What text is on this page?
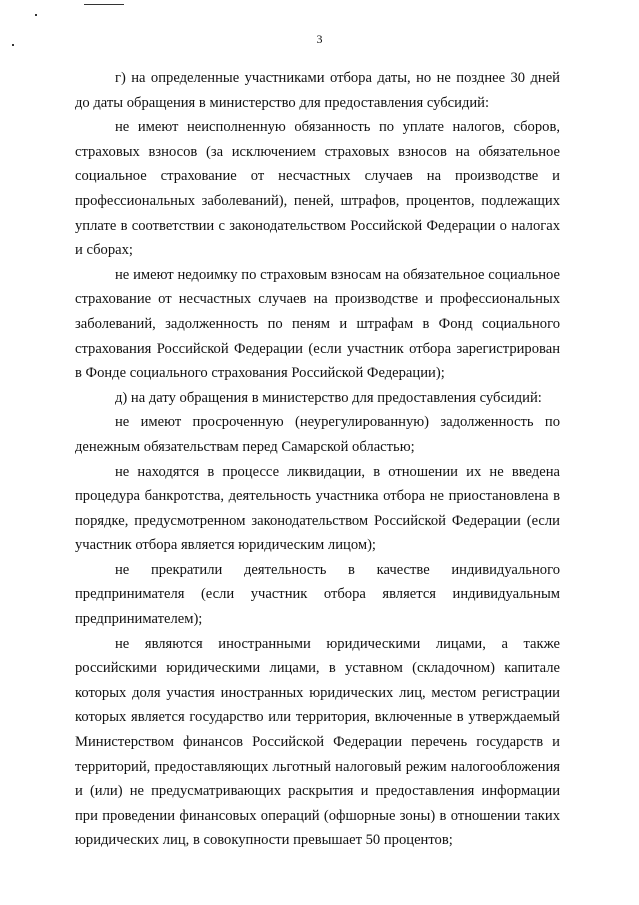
3

г) на определенные участниками отбора даты, но не позднее 30 дней до даты обращения в министерство для предоставления субсидий:

не имеют неисполненную обязанность по уплате налогов, сборов, страховых взносов (за исключением страховых взносов на обязательное социальное страхование от несчастных случаев на производстве и профессиональных заболеваний), пеней, штрафов, процентов, подлежащих уплате в соответствии с законодательством Российской Федерации о налогах и сборах;

не имеют недоимку по страховым взносам на обязательное социальное страхование от несчастных случаев на производстве и профессиональных заболеваний, задолженность по пеням и штрафам в Фонд социального страхования Российской Федерации (если участник отбора зарегистрирован в Фонде социального страхования Российской Федерации);

д) на дату обращения в министерство для предоставления субсидий:

не имеют просроченную (неурегулированную) задолженность по денежным обязательствам перед Самарской областью;

не находятся в процессе ликвидации, в отношении их не введена процедура банкротства, деятельность участника отбора не приостановлена в порядке, предусмотренном законодательством Российской Федерации (если участник отбора является юридическим лицом);

не прекратили деятельность в качестве индивидуального предпринимателя (если участник отбора является индивидуальным предпринимателем);

не являются иностранными юридическими лицами, а также российскими юридическими лицами, в уставном (складочном) капитале которых доля участия иностранных юридических лиц, местом регистрации которых является государство или территория, включенные в утверждаемый Министерством финансов Российской Федерации перечень государств и территорий, предоставляющих льготный налоговый режим налогообложения и (или) не предусматривающих раскрытия и предоставления информации при проведении финансовых операций (офшорные зоны) в отношении таких юридических лиц, в совокупности превышает 50 процентов;
